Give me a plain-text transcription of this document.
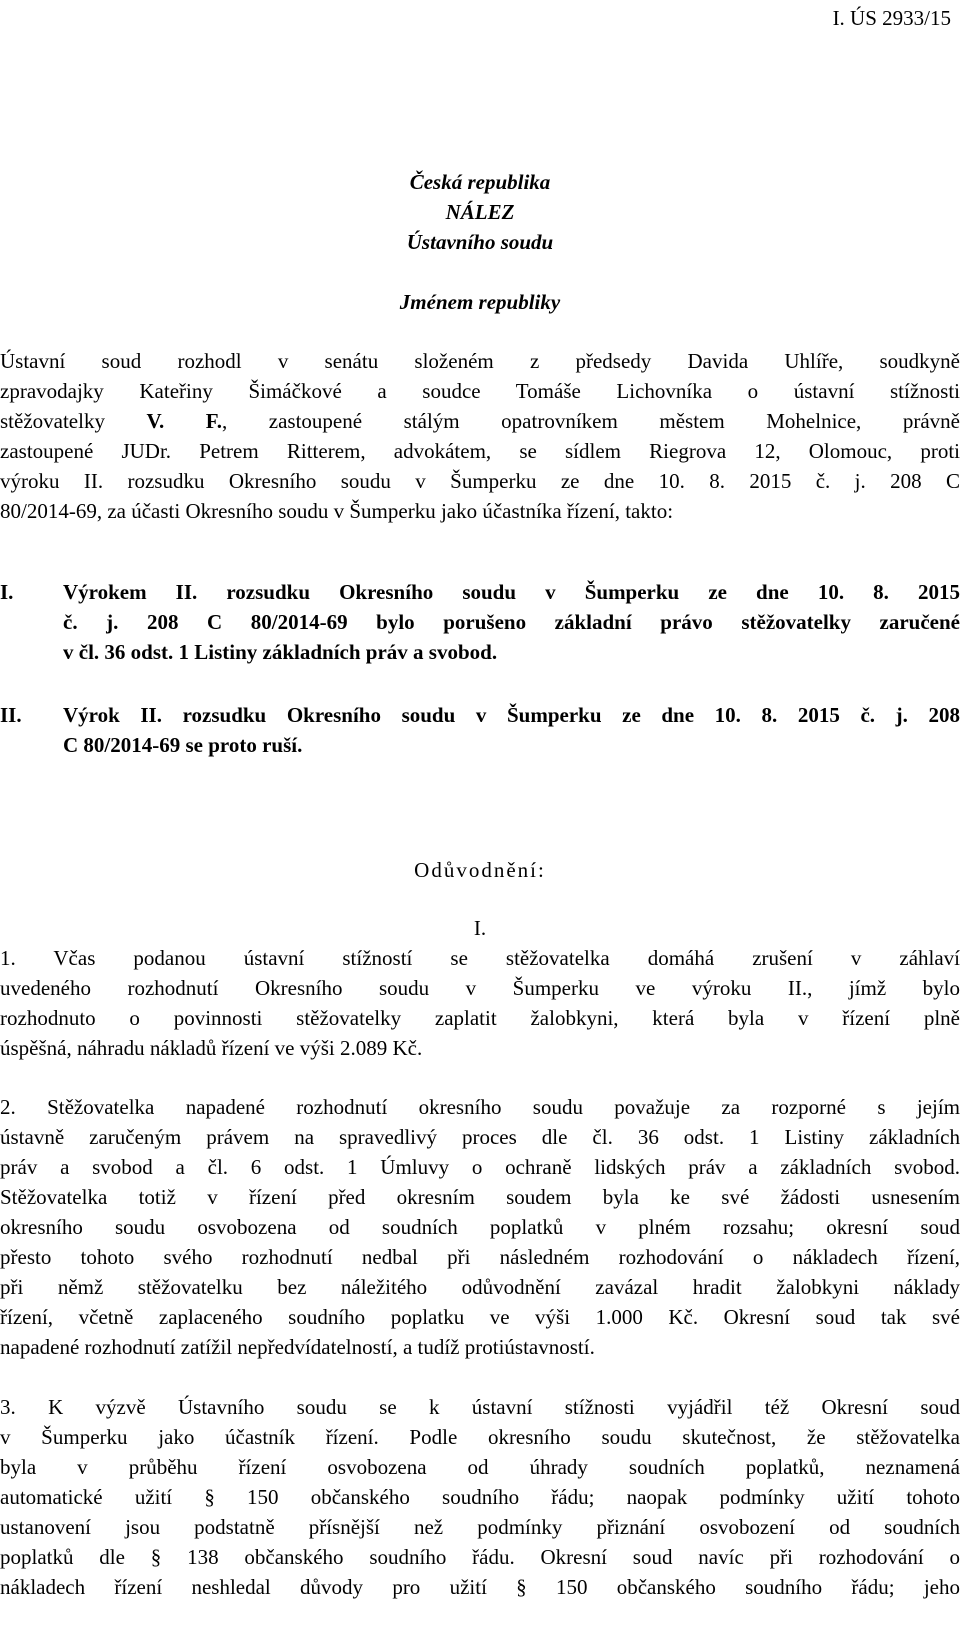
I. ÚS 2933/15
Česká republika
NÁLEZ
Ústavního soudu
Jménem republiky
Ústavní soud rozhodl v senátu složeném z předsedy Davida Uhlíře, soudkyně
zpravodajky Kateřiny Šimáčkové a soudce Tomáše Lichovníka o ústavní stížnosti
stěžovatelky V. F., zastoupené stálým opatrovníkem městem Mohelnice, právně
zastoupené JUDr. Petrem Ritterem, advokátem, se sídlem Riegrova 12, Olomouc, proti
výroku II. rozsudku Okresního soudu v Šumperku ze dne 10. 8. 2015 č. j. 208 C
80/2014-69, za účasti Okresního soudu v Šumperku jako účastníka řízení, takto:
I. Výrokem II. rozsudku Okresního soudu v Šumperku ze dne 10. 8. 2015
č. j. 208 C 80/2014-69 bylo porušeno základní právo stěžovatelky zaručené
v čl. 36 odst. 1 Listiny základních práv a svobod.
II. Výrok II. rozsudku Okresního soudu v Šumperku ze dne 10. 8. 2015 č. j. 208
C 80/2014-69 se proto ruší.
Odůvodnění:
I.
1. Včas podanou ústavní stížností se stěžovatelka domáhá zrušení v záhlaví
uvedeného rozhodnutí Okresního soudu v Šumperku ve výroku II., jímž bylo
rozhodnuto o povinnosti stěžovatelky zaplatit žalobkyni, která byla v řízení plně
úspěšná, náhradu nákladů řízení ve výši 2.089 Kč.
2. Stěžovatelka napadené rozhodnutí okresního soudu považuje za rozporné s jejím
ústavně zaručeným právem na spravedlivý proces dle čl. 36 odst. 1 Listiny základních
práv a svobod a čl. 6 odst. 1 Úmluvy o ochraně lidských práv a základních svobod.
Stěžovatelka totiž v řízení před okresním soudem byla ke své žádosti usnesením
okresního soudu osvobozena od soudních poplatků v plném rozsahu; okresní soud
přesto tohoto svého rozhodnutí nedbal při následném rozhodování o nákladech řízení,
při němž stěžovatelku bez náležitého odůvodnění zavázal hradit žalobkyni náklady
řízení, včetně zaplaceného soudního poplatku ve výši 1.000 Kč. Okresní soud tak své
napadené rozhodnutí zatížil nepředvídatelností, a tudíž protiústavností.
3. K výzvě Ústavního soudu se k ústavní stížnosti vyjádřil též Okresní soud
v Šumperku jako účastník řízení. Podle okresního soudu skutečnost, že stěžovatelka
byla v průběhu řízení osvobozena od úhrady soudních poplatků, neznamená
automatické užití § 150 občanského soudního řádu; naopak podmínky užití tohoto
ustanovení jsou podstatně přísnější než podmínky přiznání osvobození od soudních
poplatků dle § 138 občanského soudního řádu. Okresní soud navíc při rozhodování o
nákladech řízení neshledal důvody pro užití § 150 občanského soudního řádu; jeho
